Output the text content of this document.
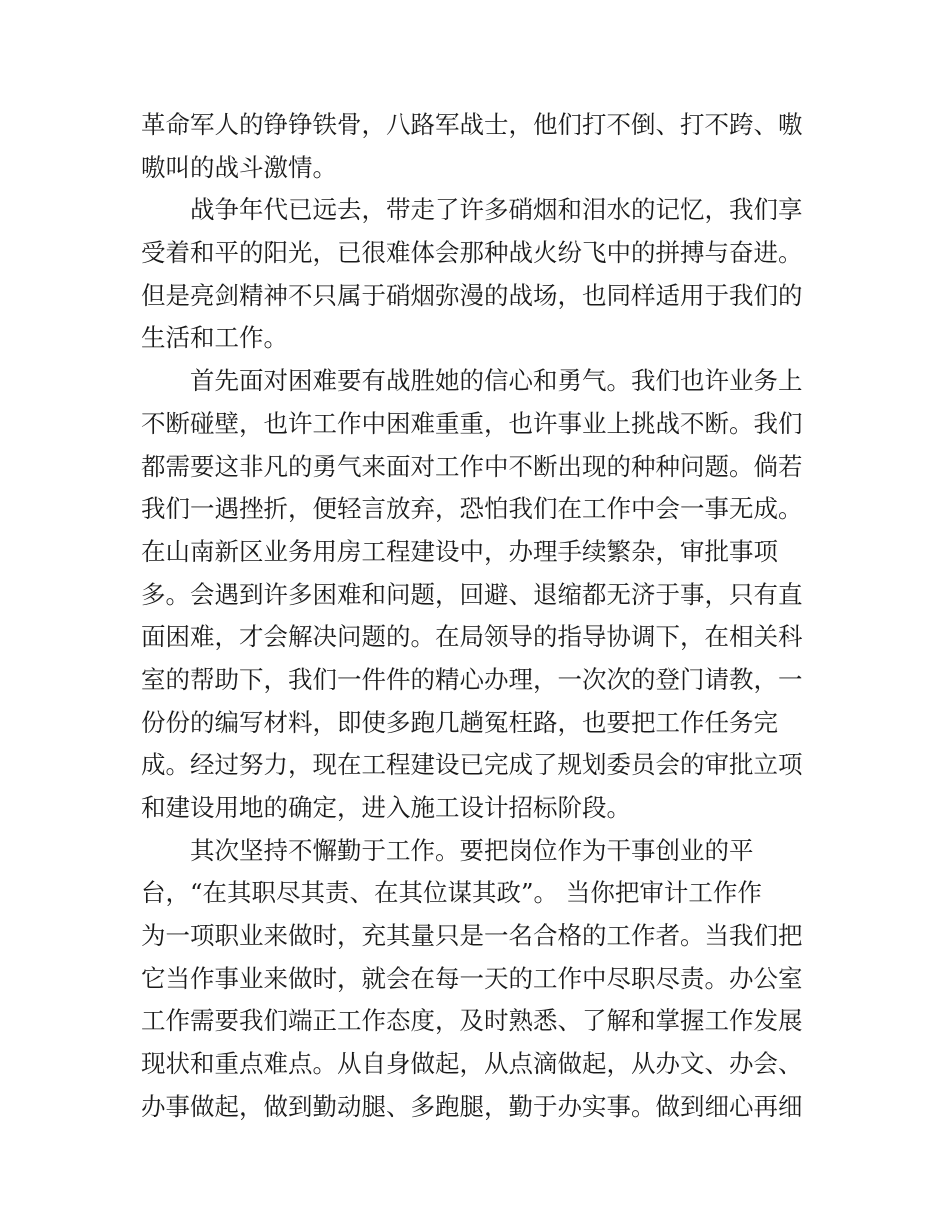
革命军人的铮铮铁骨，八路军战士，他们打不倒、打不跨、嗷
嗷叫的战斗激情。
战争年代已远去，带走了许多硝烟和泪水的记忆，我们享
受着和平的阳光，已很难体会那种战火纷飞中的拼搏与奋进。
但是亮剑精神不只属于硝烟弥漫的战场，也同样适用于我们的
生活和工作。
首先面对困难要有战胜她的信心和勇气。我们也许业务上
不断碰壁，也许工作中困难重重，也许事业上挑战不断。我们
都需要这非凡的勇气来面对工作中不断出现的种种问题。倘若
我们一遇挫折，便轻言放弃，恐怕我们在工作中会一事无成。
在山南新区业务用房工程建设中，办理手续繁杂，审批事项
多。会遇到许多困难和问题，回避、退缩都无济于事，只有直
面困难，才会解决问题的。在局领导的指导协调下，在相关科
室的帮助下，我们一件件的精心办理，一次次的登门请教，一
份份的编写材料，即使多跑几趟冤枉路，也要把工作任务完
成。经过努力，现在工程建设已完成了规划委员会的审批立项
和建设用地的确定，进入施工设计招标阶段。
其次坚持不懈勤于工作。要把岗位作为干事创业的平
台，“在其职尽其责、在其位谋其政”。 当你把审计工作作
为一项职业来做时，充其量只是一名合格的工作者。当我们把
它当作事业来做时，就会在每一天的工作中尽职尽责。办公室
工作需要我们端正工作态度，及时熟悉、了解和掌握工作发展
现状和重点难点。从自身做起，从点滴做起，从办文、办会、
办事做起，做到勤动腿、多跑腿，勤于办实事。做到细心再细
